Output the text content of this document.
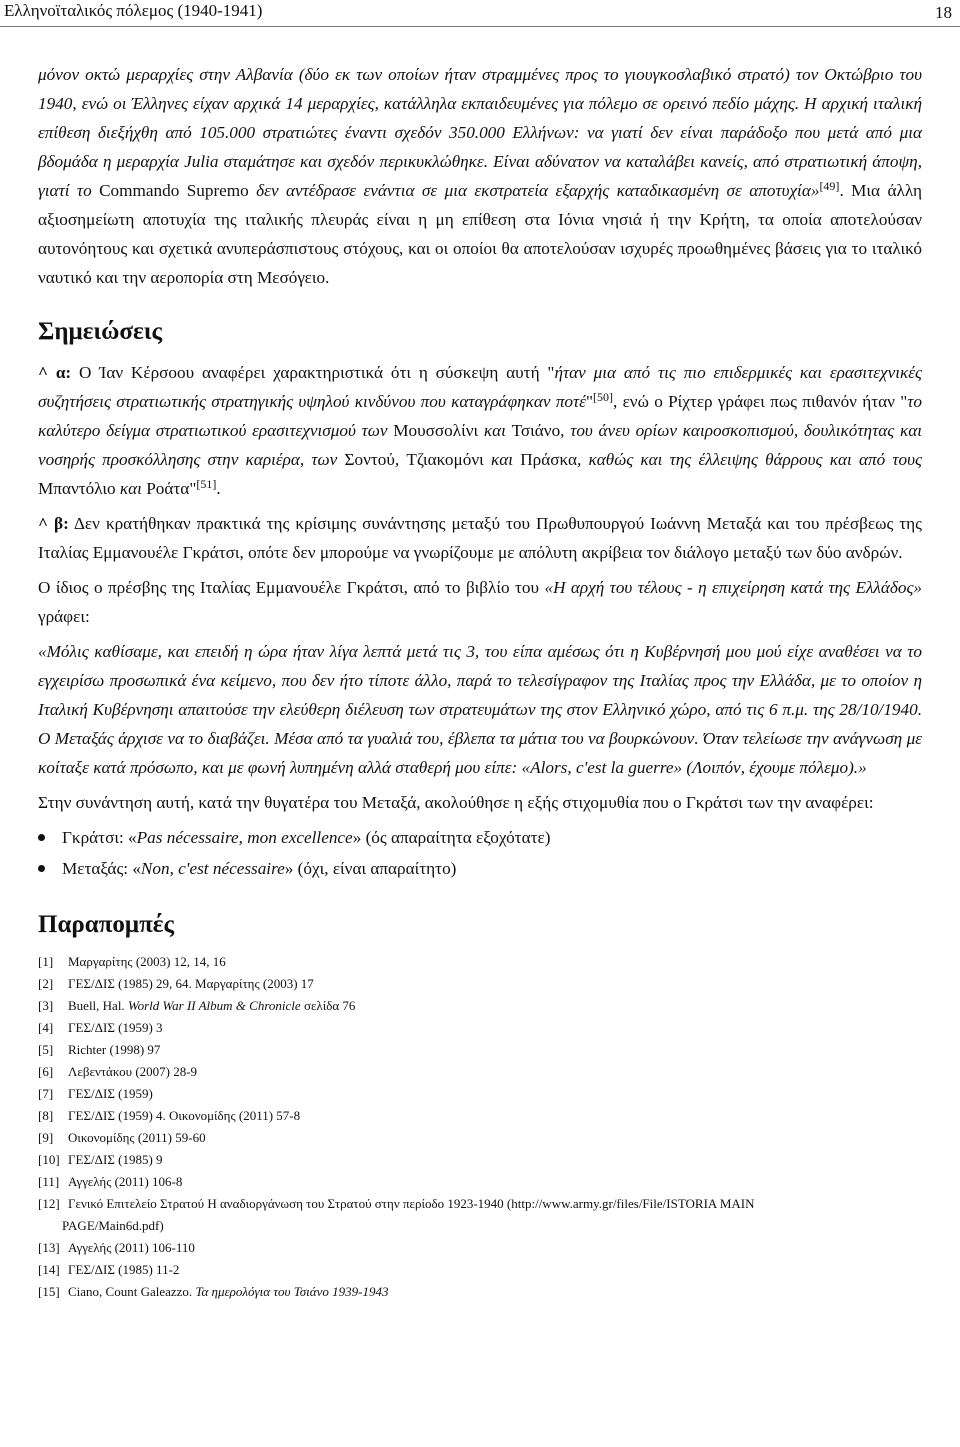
Ελληνοϊταλικός πόλεμος (1940-1941)	18

μόνον οκτώ μεραρχίες στην Αλβανία (δύο εκ των οποίων ήταν στραμμένες προς το γιουγκοσλαβικό στρατό) τον Οκτώβριο του 1940, ενώ οι Έλληνες είχαν αρχικά 14 μεραρχίες, κατάλληλα εκπαιδευμένες για πόλεμο σε ορεινό πεδίο μάχης. Η αρχική ιταλική επίθεση διεξήχθη από 105.000 στρατιώτες έναντι σχεδόν 350.000 Ελλήνων: να γιατί δεν είναι παράδοξο που μετά από μια βδομάδα η μεραρχία Julia σταμάτησε και σχεδόν περικυκλώθηκε. Είναι αδύνατον να καταλάβει κανείς, από στρατιωτική άποψη, γιατί το Commando Supremo δεν αντέδρασε ενάντια σε μια εκστρατεία εξαρχής καταδικασμένη σε αποτυχία»[49]. Μια άλλη αξιοσημείωτη αποτυχία της ιταλικής πλευράς είναι η μη επίθεση στα Ιόνια νησιά ή την Κρήτη, τα οποία αποτελούσαν αυτονόητους και σχετικά ανυπεράσπιστους στόχους, και οι οποίοι θα αποτελούσαν ισχυρές προωθημένες βάσεις για το ιταλικό ναυτικό και την αεροπορία στη Μεσόγειο.

Σημειώσεις

^ α: Ο Ίαν Κέρσοου αναφέρει χαρακτηριστικά ότι η σύσκεψη αυτή "ήταν μια από τις πιο επιδερμικές και ερασιτεχνικές συζητήσεις στρατιωτικής στρατηγικής υψηλού κινδύνου που καταγράφηκαν ποτέ"[50], ενώ ο Ρίχτερ γράφει πως πιθανόν ήταν "το καλύτερο δείγμα στρατιωτικού ερασιτεχνισμού των Μουσσολίνι και Τσιάνο, του άνευ ορίων καιροσκοπισμού, δουλικότητας και νοσηρής προσκόλλησης στην καριέρα, των Σοντού, Τζιακομόνι και Πράσκα, καθώς και της έλλειψης θάρρους και από τους Μπαντόλιο και Ροάτα"[51].

^ β: Δεν κρατήθηκαν πρακτικά της κρίσιμης συνάντησης μεταξύ του Πρωθυπουργού Ιωάννη Μεταξά και του πρέσβεως της Ιταλίας Εμμανουέλε Γκράτσι, οπότε δεν μπορούμε να γνωρίζουμε με απόλυτη ακρίβεια τον διάλογο μεταξύ των δύο ανδρών.

Ο ίδιος ο πρέσβης της Ιταλίας Εμμανουέλε Γκράτσι, από το βιβλίο του «Η αρχή του τέλους - η επιχείρηση κατά της Ελλάδος» γράφει:

«Μόλις καθίσαμε, και επειδή η ώρα ήταν λίγα λεπτά μετά τις 3, του είπα αμέσως ότι η Κυβέρνησή μου μού είχε αναθέσει να το εγχειρίσω προσωπικά ένα κείμενο, που δεν ήτο τίποτε άλλο, παρά το τελεσίγραφον της Ιταλίας προς την Ελλάδα, με το οποίον η Ιταλική Κυβέρνησηι απαιτούσε την ελεύθερη διέλευση των στρατευμάτων της στον Ελληνικό χώρο, από τις 6 π.μ. της 28/10/1940. Ο Μεταξάς άρχισε να το διαβάζει. Μέσα από τα γυαλιά του, έβλεπα τα μάτια του να βουρκώνουν. Όταν τελείωσε την ανάγνωση με κοίταξε κατά πρόσωπο, και με φωνή λυπημένη αλλά σταθερή μου είπε: «Alors, c'est la guerre» (Λοιπόν, έχουμε πόλεμο).»

Στην συνάντηση αυτή, κατά την θυγατέρα του Μεταξά, ακολούθησε η εξής στιχομυθία που ο Γκράτσι των την αναφέρει:

Γκράτσι: «Pas nécessaire, mon excellence» (ός απαραίτητα εξοχότατε)
Μεταξάς: «Non, c'est nécessaire» (όχι, είναι απαραίτητο)
Παραπομπές
[1]	Μαργαρίτης (2003) 12, 14, 16
[2]	ΓΕΣ/ΔΙΣ (1985) 29, 64. Μαργαρίτης (2003) 17
[3]	Buell, Hal. World War II Album & Chronicle σελίδα 76
[4]	ΓΕΣ/ΔΙΣ (1959) 3
[5]	Richter (1998) 97
[6]	Λεβεντάκου (2007) 28-9
[7]	ΓΕΣ/ΔΙΣ (1959)
[8]	ΓΕΣ/ΔΙΣ (1959) 4. Οικονομίδης (2011) 57-8
[9]	Οικονομίδης (2011) 59-60
[10] ΓΕΣ/ΔΙΣ (1985) 9
[11] Αγγελής (2011) 106-8
[12] Γενικό Επιτελείο Στρατού Η αναδιοργάνωση του Στρατού στην περίοδο 1923-1940 (http://www.army.gr/files/File/ISTORIA MAIN
PAGE/Main6d.pdf)
[13] Αγγελής (2011) 106-110
[14] ΓΕΣ/ΔΙΣ (1985) 11-2
[15] Ciano, Count Galeazzo. Τα ημερολόγια του Τσιάνο 1939-1943
